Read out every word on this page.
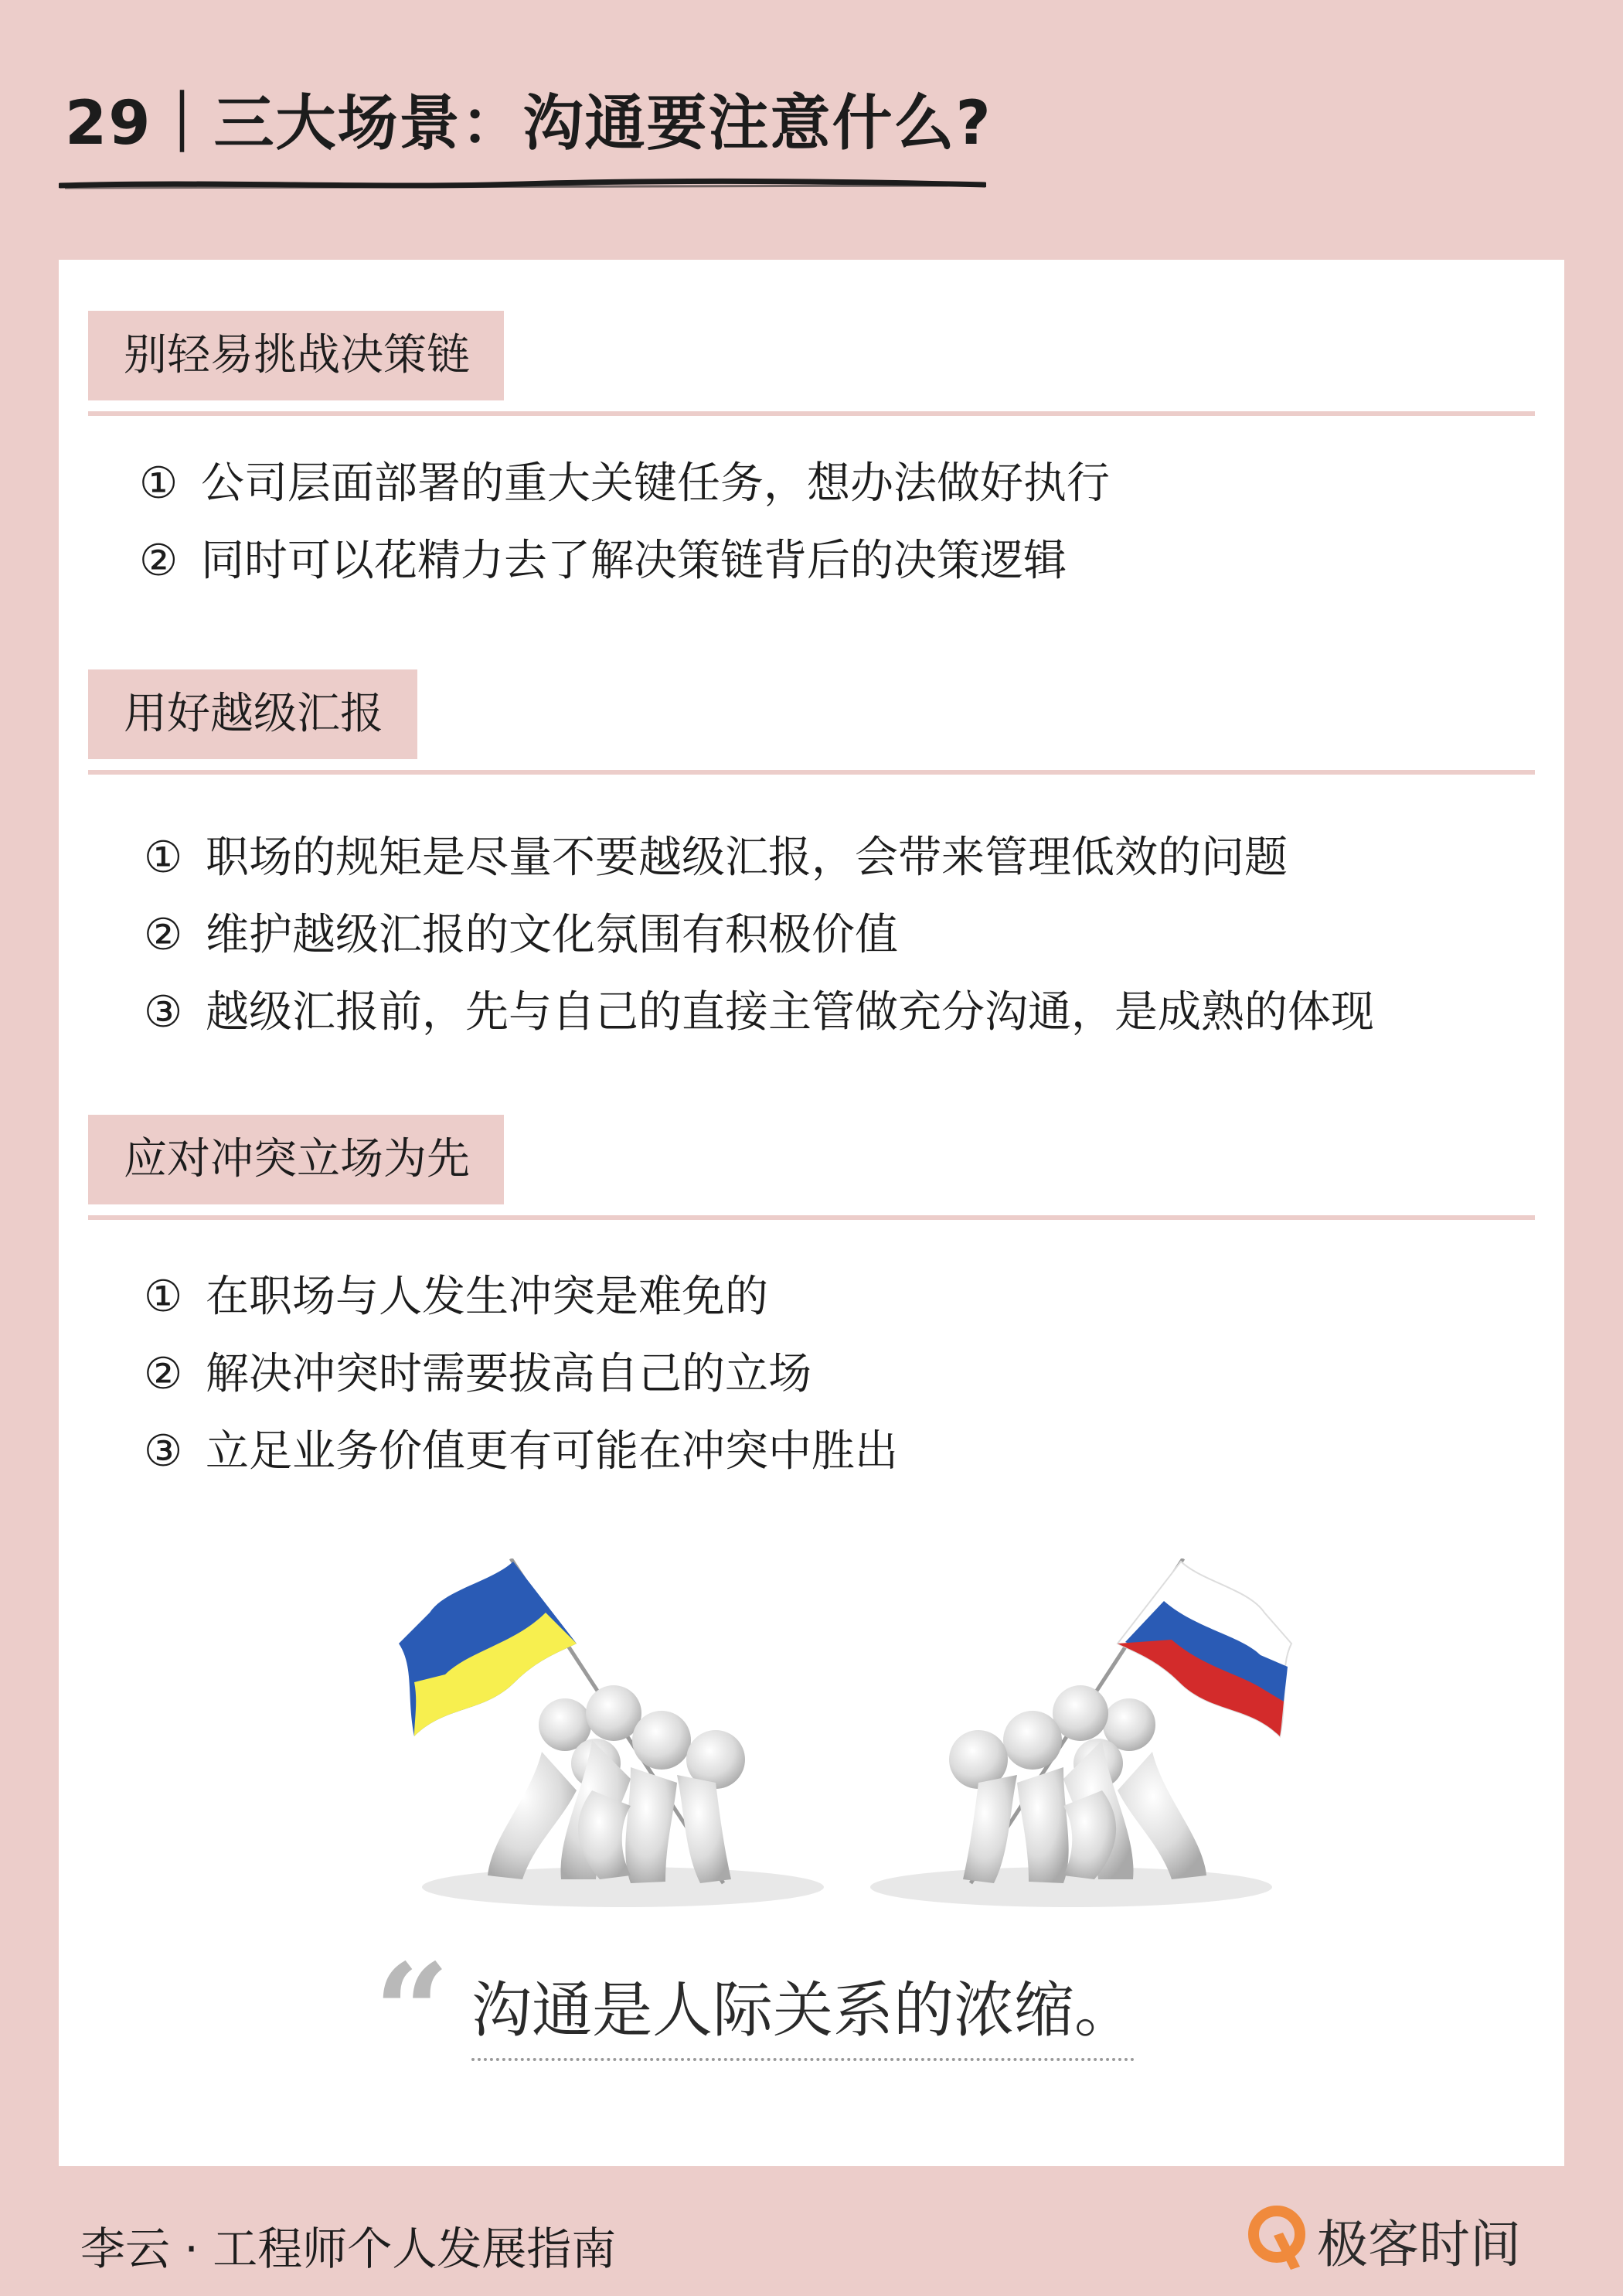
29｜三大场景：沟通要注意什么?
别轻易挑战决策链
① 公司层面部署的重大关键任务，想办法做好执行
② 同时可以花精力去了解决策链背后的决策逻辑
用好越级汇报
① 职场的规矩是尽量不要越级汇报，会带来管理低效的问题
② 维护越级汇报的文化氛围有积极价值
③ 越级汇报前，先与自己的直接主管做充分沟通，是成熟的体现
应对冲突立场为先
① 在职场与人发生冲突是难免的
② 解决冲突时需要拔高自己的立场
③ 立足业务价值更有可能在冲突中胜出
“ 沟通是人际关系的浓缩。
李云 · 工程师个人发展指南	极客时间
